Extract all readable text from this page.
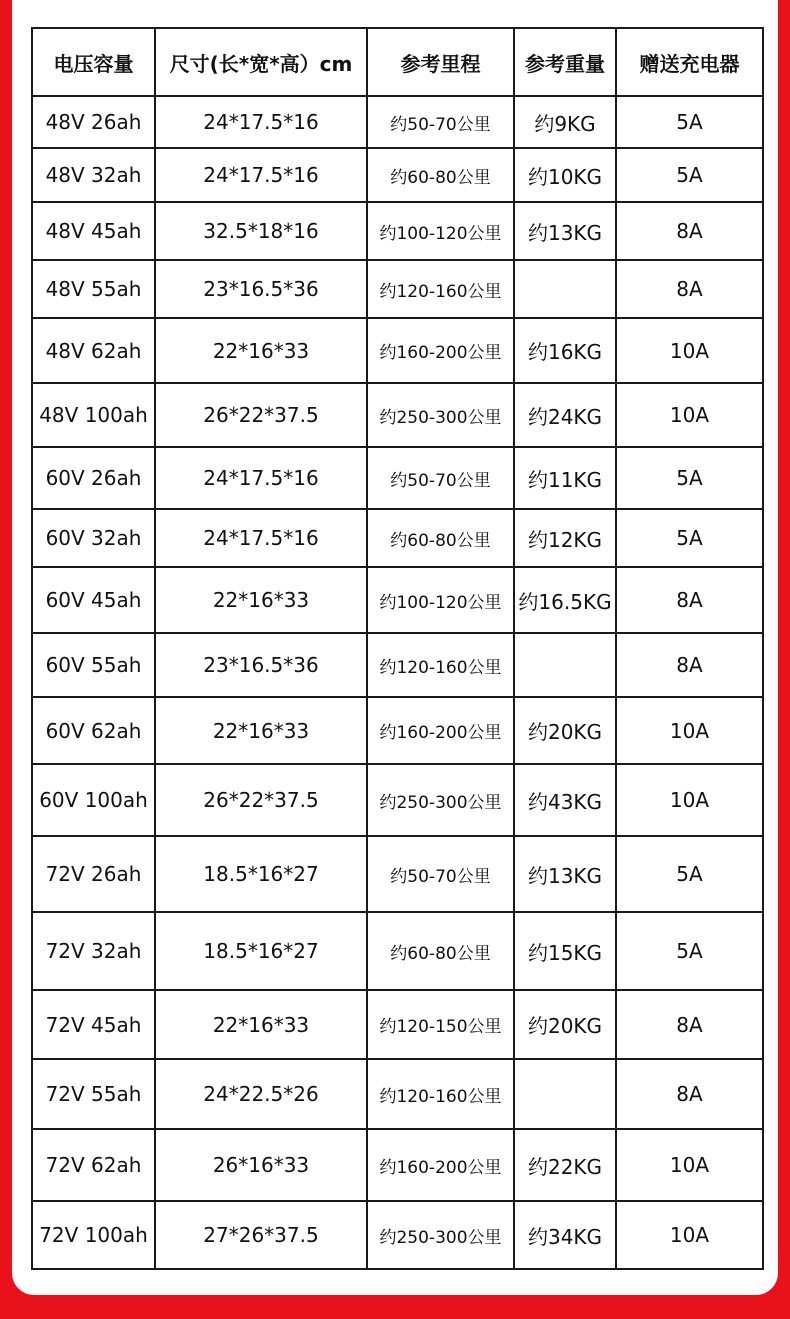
电压容量	尺寸(长*宽*高）cm	参考里程	参考重量	赠送充电器
48V 26ah	24*17.5*16	约50-70公里	约9KG	5A
48V 32ah	24*17.5*16	约60-80公里	约10KG	5A
48V 45ah	32.5*18*16	约100-120公里	约13KG	8A
48V 55ah	23*16.5*36	约120-160公里		8A
48V 62ah	22*16*33	约160-200公里	约16KG	10A
48V 100ah	26*22*37.5	约250-300公里	约24KG	10A
60V 26ah	24*17.5*16	约50-70公里	约11KG	5A
60V 32ah	24*17.5*16	约60-80公里	约12KG	5A
60V 45ah	22*16*33	约100-120公里	约16.5KG	8A
60V 55ah	23*16.5*36	约120-160公里		8A
60V 62ah	22*16*33	约160-200公里	约20KG	10A
60V 100ah	26*22*37.5	约250-300公里	约43KG	10A
72V 26ah	18.5*16*27	约50-70公里	约13KG	5A
72V 32ah	18.5*16*27	约60-80公里	约15KG	5A
72V 45ah	22*16*33	约120-150公里	约20KG	8A
72V 55ah	24*22.5*26	约120-160公里		8A
72V 62ah	26*16*33	约160-200公里	约22KG	10A
72V 100ah	27*26*37.5	约250-300公里	约34KG	10A
